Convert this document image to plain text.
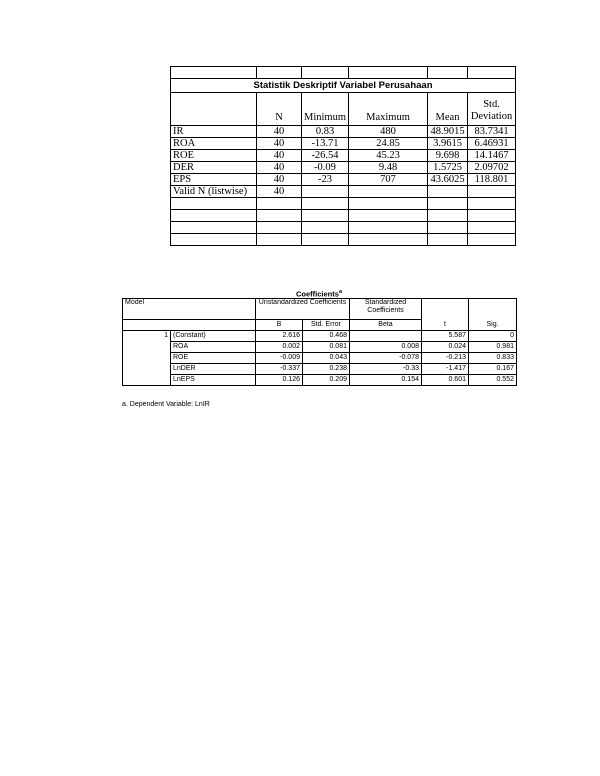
Statistik Deskriptif Variabel Perusahaan					
	N	Minimum	Maximum	Mean	Std.
Deviation
IR	40	0.83	480	48.9015	83.7341
ROA	40	-13.71	24.85	3.9615	6.46931
ROE	40	-26.54	45.23	9.698	14.1467
DER	40	-0.09	9.48	1.5725	2.09702
EPS	40	-23	707	43.6025	118.801
Valid N (listwise)	40				

Coefficients$^a$
Model		Unstandardized Coefficients		Standardized Coefficients	t	Sig.
		B	Std. Error	Beta		
1	(Constant)	2.616	0.468		5.587	0
	ROA	0.002	0.081	0.008	0.024	0.981
	ROE	-0.009	0.043	-0.078	-0.213	0.833
	LnDER	-0.337	0.238	-0.33	-1.417	0.167
	LnEPS	0.126	0.209	0.154	0.601	0.552
a. Dependent Variable: LnIR
